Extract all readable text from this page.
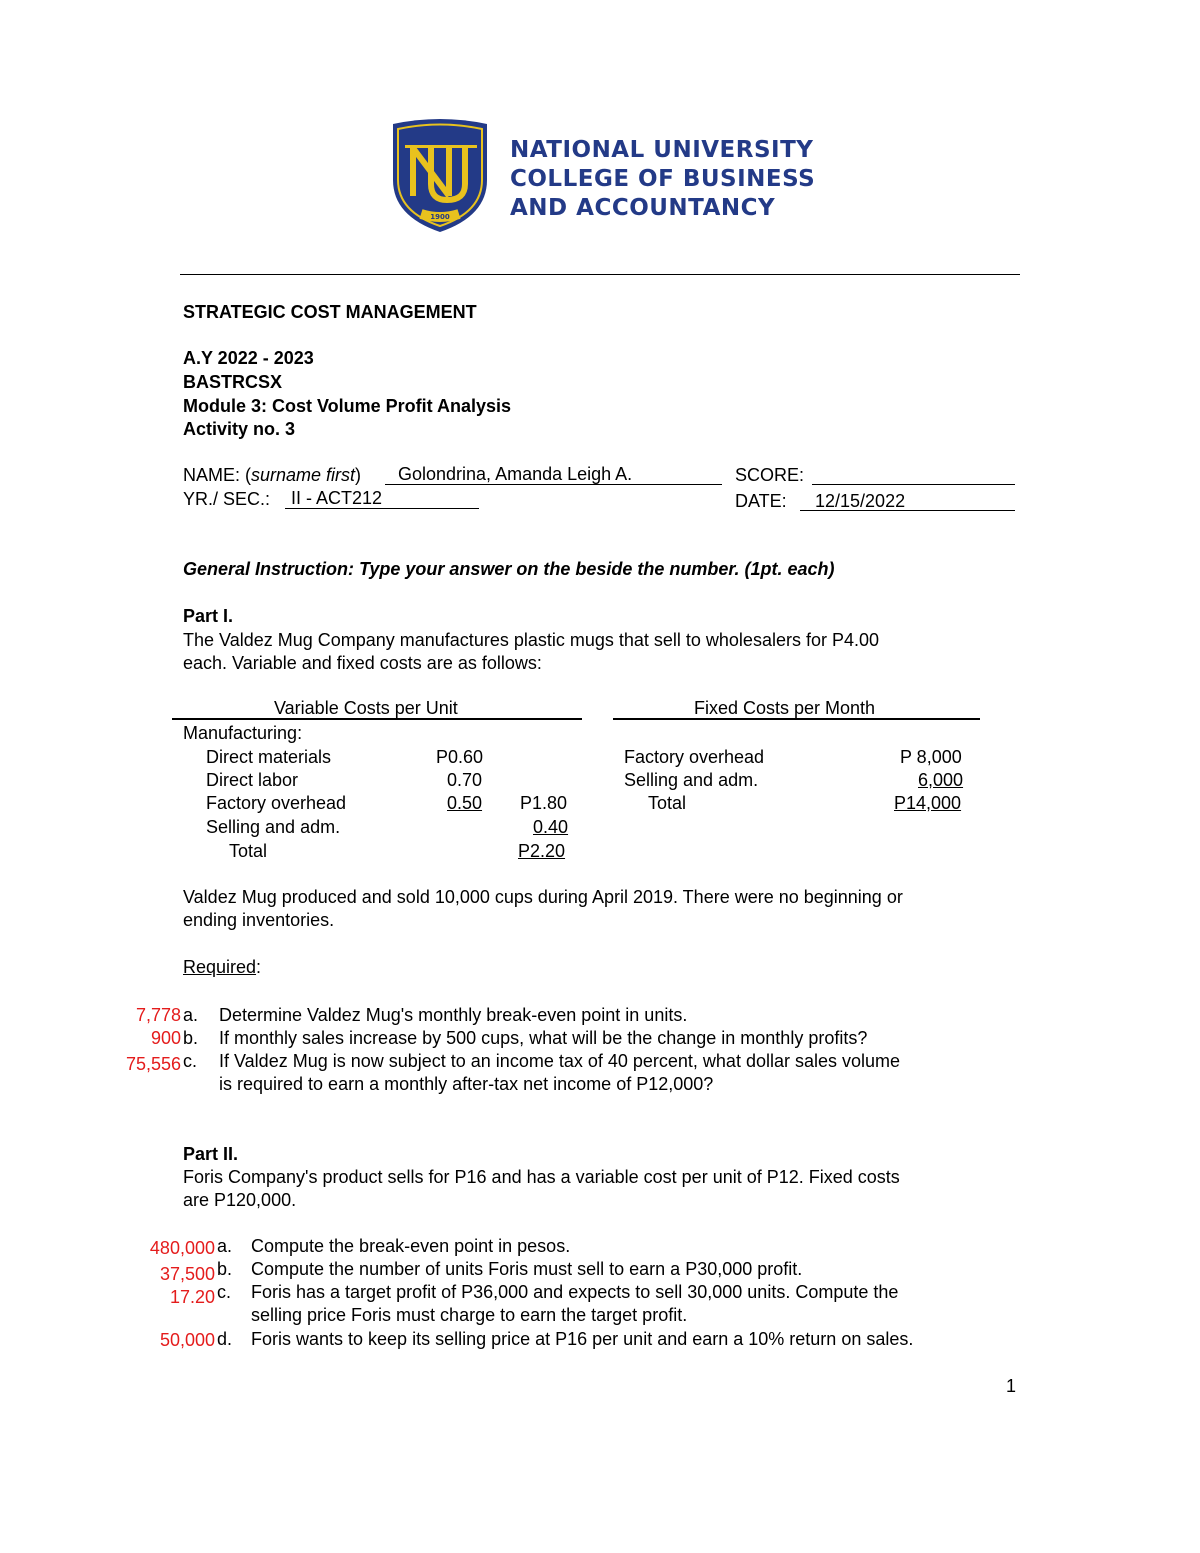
1900
NATIONAL UNIVERSITY
COLLEGE OF BUSINESS
AND ACCOUNTANCY
STRATEGIC COST MANAGEMENT
A.Y 2022 - 2023
BASTRCSX
Module 3: Cost Volume Profit Analysis
Activity no. 3
NAME: (surname first) Golondrina, Amanda Leigh A.	SCORE:
YR./ SEC.: II - ACT212	DATE: 12/15/2022
General Instruction: Type your answer on the beside the number. (1pt. each)
Part I.
The Valdez Mug Company manufactures plastic mugs that sell to wholesalers for P4.00
each. Variable and fixed costs are as follows:
Variable Costs per Unit	Fixed Costs per Month
Manufacturing:
Direct materials	P0.60	Factory overhead	P 8,000
Direct labor	0.70	Selling and adm.	6,000
Factory overhead	0.50 P1.80	Total	P14,000
Selling and adm.	0.40
Total	P2.20
Valdez Mug produced and sold 10,000 cups during April 2019. There were no beginning or
ending inventories.
Required:
7,778 a. Determine Valdez Mug's monthly break-even point in units.
900 b. If monthly sales increase by 500 cups, what will be the change in monthly profits?
75,556 c. If Valdez Mug is now subject to an income tax of 40 percent, what dollar sales volume
is required to earn a monthly after-tax net income of P12,000?
Part II.
Foris Company's product sells for P16 and has a variable cost per unit of P12. Fixed costs
are P120,000.
480,000 a. Compute the break-even point in pesos.
37,500 b. Compute the number of units Foris must sell to earn a P30,000 profit.
17.20 c. Foris has a target profit of P36,000 and expects to sell 30,000 units. Compute the
selling price Foris must charge to earn the target profit.
50,000 d. Foris wants to keep its selling price at P16 per unit and earn a 10% return on sales.
1
